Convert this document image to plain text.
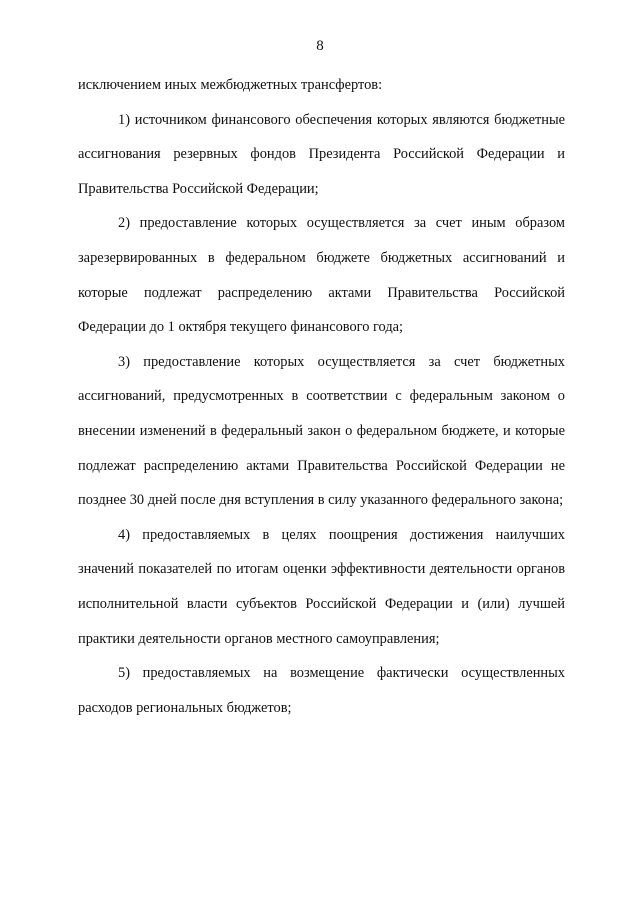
8

исключением иных межбюджетных трансфертов:

1) источником финансового обеспечения которых являются бюджетные ассигнования резервных фондов Президента Российской Федерации и Правительства Российской Федерации;

2) предоставление которых осуществляется за счет иным образом зарезервированных в федеральном бюджете бюджетных ассигнований и которые подлежат распределению актами Правительства Российской Федерации до 1 октября текущего финансового года;

3) предоставление которых осуществляется за счет бюджетных ассигнований, предусмотренных в соответствии с федеральным законом о внесении изменений в федеральный закон о федеральном бюджете, и которые подлежат распределению актами Правительства Российской Федерации не позднее 30 дней после дня вступления в силу указанного федерального закона;

4) предоставляемых в целях поощрения достижения наилучших значений показателей по итогам оценки эффективности деятельности органов исполнительной власти субъектов Российской Федерации и (или) лучшей практики деятельности органов местного самоуправления;

5) предоставляемых на возмещение фактически осуществленных расходов региональных бюджетов;
